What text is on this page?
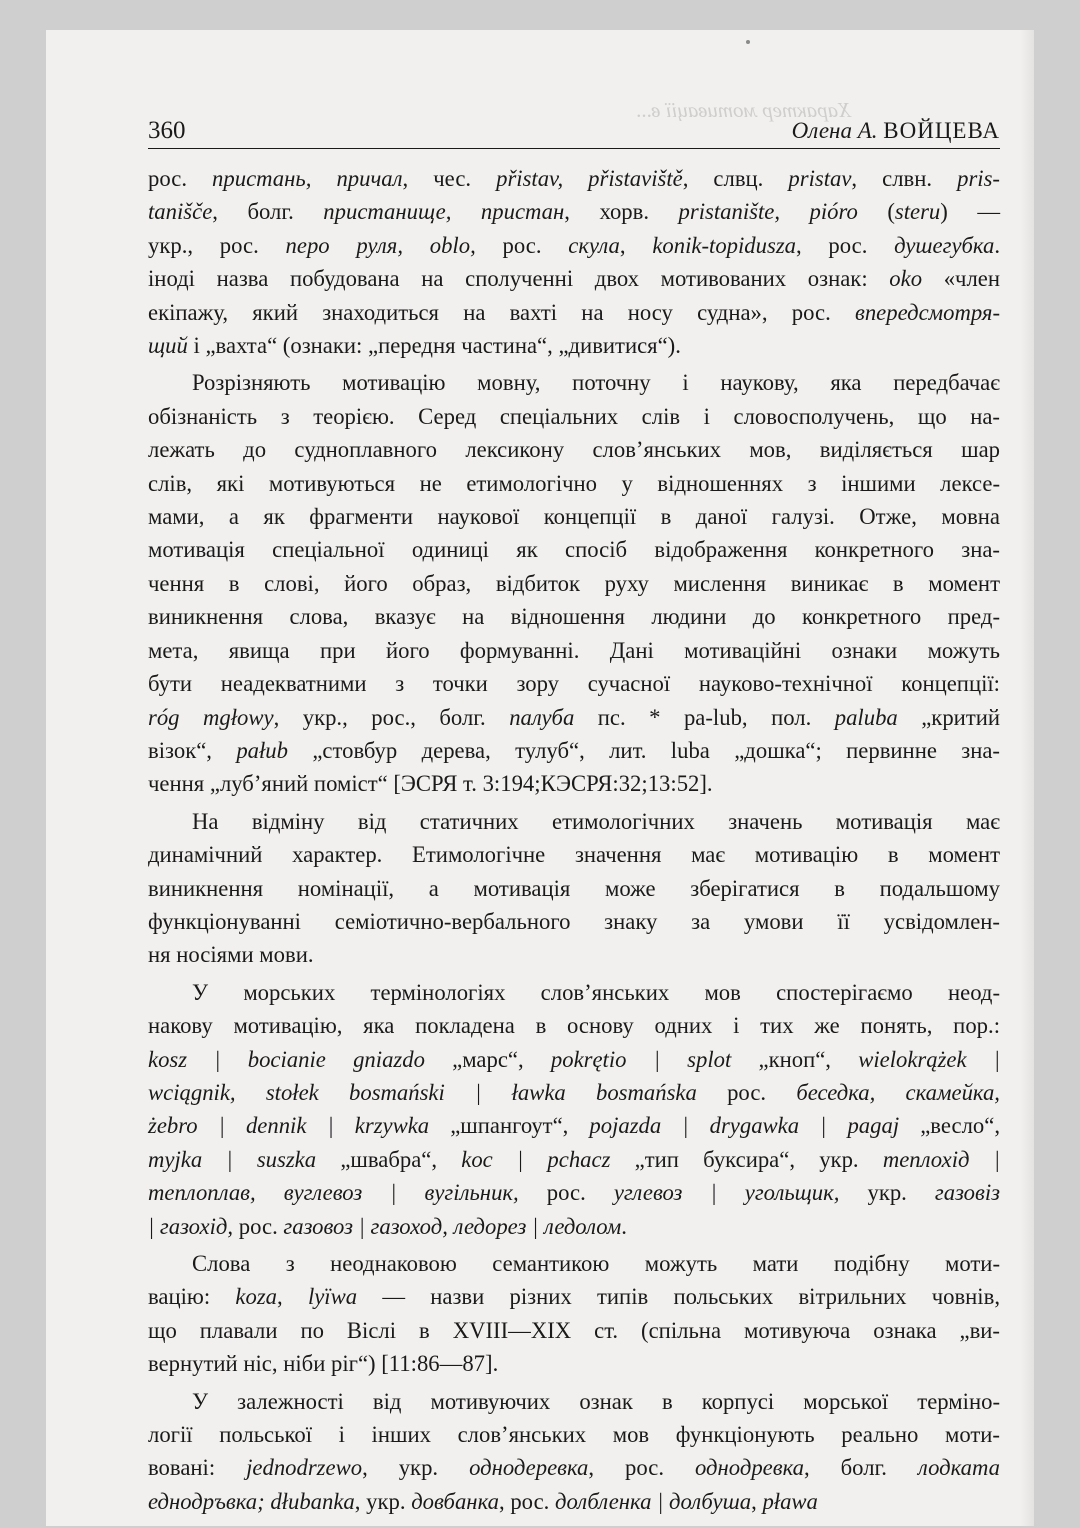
Характер мотивації в...
360	Олена А. ВОЙЦЕВА

рос. пристань, причал, чес. přistav, přistaviště, слвц. pristav, слвн. pris-
tanišče, болг. пристанище, пристан, хорв. pristanište, pióro (steru) —
укр., рос. перо руля, oblo, рос. скула, konik-topidusza, рос. душегубка.
іноді назва побудована на сполученні двох мотивованих ознак: oko «член
екіпажу, який знаходиться на вахті на носу судна», рос. впередсмотря-
щий і „вахта“ (ознаки: „передня частина“, „дивитися“).

Розрізняють мотивацію мовну, поточну і наукову, яка передбачає
обізнаність з теорією. Серед спеціальних слів і словосполучень, що на-
лежать до судноплавного лексикону слов’янських мов, виділяється шар
слів, які мотивуються не етимологічно у відношеннях з іншими лексе-
мами, а як фрагменти наукової концепції в даної галузі. Отже, мовна
мотивація спеціальної одиниці як спосіб відображення конкретного зна-
чення в слові, його образ, відбиток руху мислення виникає в момент
виникнення слова, вказує на відношення людини до конкретного пред-
мета, явища при його формуванні. Дані мотиваційні ознаки можуть
бути неадекватними з точки зору сучасної науково-технічної концепції:
róg mgłowy, укр., рос., болг. палуба пс. * pa-lub, пол. paluba „критий
візок“, pałub „стовбур дерева, тулуб“, лит. luba „дошка“; первинне зна-
чення „луб’яний поміст“ [ЭСРЯ т. 3:194;КЭСРЯ:32;13:52].

На відміну від статичних етимологічних значень мотивація має
динамічний характер. Етимологічне значення має мотивацію в момент
виникнення номінації, а мотивація може зберігатися в подальшому
функціонуванні семіотично-вербального знаку за умови її усвідомлен-
ня носіями мови.

У морських термінологіях слов’янських мов спостерігаємо неод-
накову мотивацію, яка покладена в основу одних і тих же понять, пор.:
kosz | bocianie gniazdo „марс“, pokrętio | splot „кноп“, wielokrążek |
wciągnik, stołek bosmański | ławka bosmańska рос. беседка, скамейка,
żebro | dennik | krzywka „шпангоут“, pojazda | drygawka | pagaj „весло“,
myjka | suszka „швабра“, koc | pchacz „тип буксира“, укр. теплохід |
теплоплав, вуглевоз | вугільник, рос. углевоз | угольщик, укр. газовіз
| газохід, рос. газовоз | газоход, ледорез | ледолом.

Слова з неоднаковою семантикою можуть мати подібну моти-
вацію: koza, lyïwa — назви різних типів польських вітрильних човнів,
що плавали по Віслі в XVIII—XIX ст. (спільна мотивуюча ознака „ви-
вернутий ніс, ніби ріг“) [11:86—87].

У залежності від мотивуючих ознак в корпусі морської терміно-
логії польської і інших слов’янських мов функціонують реально моти-
вовані: jednodrzewo, укр. однодеревка, рос. однодревка, болг. лодката
еднодръвка; dłubanka, укр. довбанка, рос. долбленка | долбуша, pława
